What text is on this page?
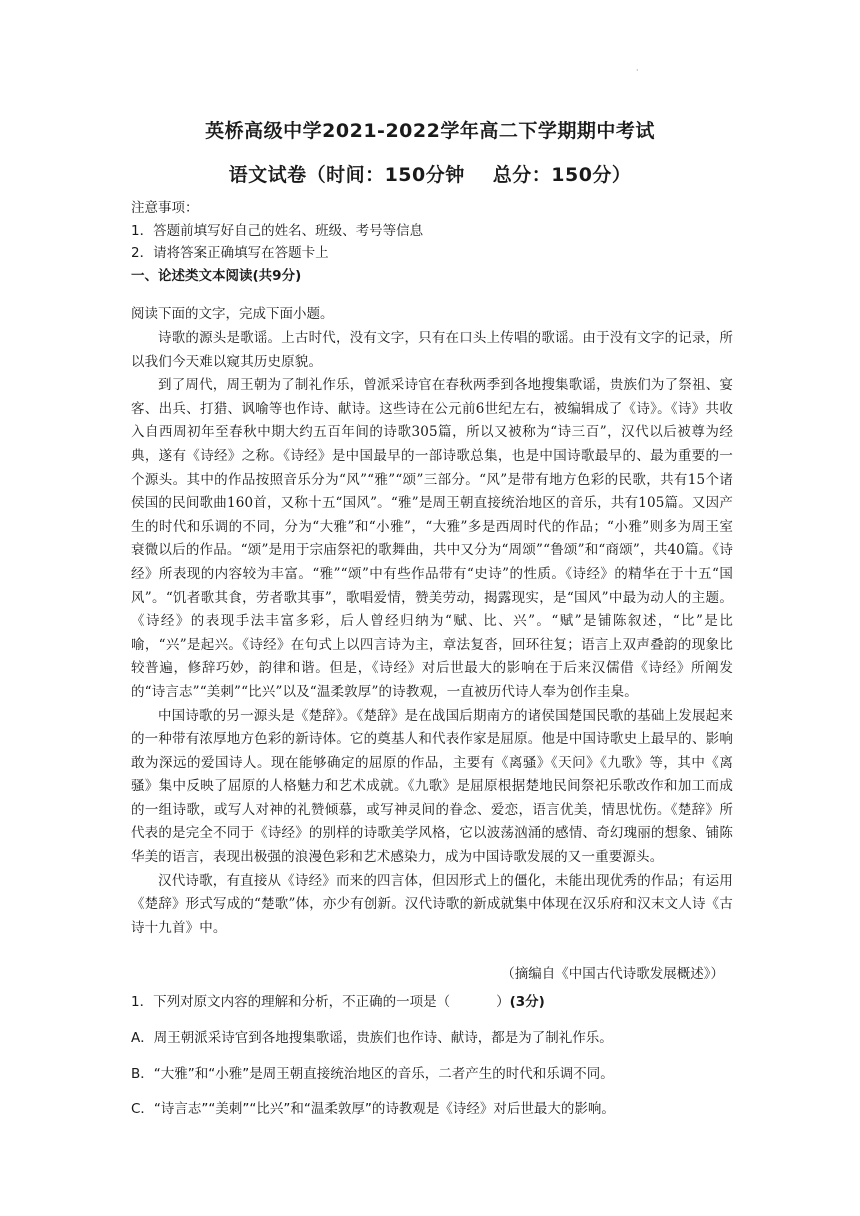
·
英桥高级中学2021-2022学年高二下学期期中考试
语文试卷（时间：150分钟 总分：150分）
注意事项：
1．答题前填写好自己的姓名、班级、考号等信息
2．请将答案正确填写在答题卡上
一、论述类文本阅读(共9分)
阅读下面的文字，完成下面小题。

诗歌的源头是歌谣。上古时代，没有文字，只有在口头上传唱的歌谣。由于没有文字的记录，所以我们今天难以窥其历史原貌。

到了周代，周王朝为了制礼作乐，曾派采诗官在春秋两季到各地搜集歌谣，贵族们为了祭祖、宴客、出兵、打猎、讽喻等也作诗、献诗。这些诗在公元前6世纪左右，被编辑成了《诗》。《诗》共收入自西周初年至春秋中期大约五百年间的诗歌305篇，所以又被称为“诗三百”，汉代以后被尊为经典，遂有《诗经》之称。《诗经》是中国最早的一部诗歌总集，也是中国诗歌最早的、最为重要的一个源头。其中的作品按照音乐分为“风”“雅”“颂”三部分。“风”是带有地方色彩的民歌，共有15个诸侯国的民间歌曲160首，又称十五“国风”。“雅”是周王朝直接统治地区的音乐，共有105篇。又因产生的时代和乐调的不同，分为“大雅”和“小雅”，“大雅”多是西周时代的作品；“小雅”则多为周王室衰微以后的作品。“颂”是用于宗庙祭祀的歌舞曲，共中又分为“周颂”“鲁颂”和“商颂”，共40篇。《诗经》所表现的内容较为丰富。“雅”“颂”中有些作品带有“史诗”的性质。《诗经》的精华在于十五“国风”。“饥者歌其食，劳者歌其事”，歌唱爱情，赞美劳动，揭露现实，是“国风”中最为动人的主题。《诗经》的表现手法丰富多彩，后人曾经归纳为“赋、比、兴”。“赋”是铺陈叙述，“比”是比喻，“兴”是起兴。《诗经》在句式上以四言诗为主，章法复沓，回环往复；语言上双声叠韵的现象比较普遍，修辞巧妙，韵律和谐。但是，《诗经》对后世最大的影响在于后来汉儒借《诗经》所阐发的“诗言志”“美刺”“比兴”以及“温柔敦厚”的诗教观，一直被历代诗人奉为创作圭臬。

中国诗歌的另一源头是《楚辞》。《楚辞》是在战国后期南方的诸侯国楚国民歌的基础上发展起来的一种带有浓厚地方色彩的新诗体。它的奠基人和代表作家是屈原。他是中国诗歌史上最早的、影响敢为深远的爱国诗人。现在能够确定的屈原的作品，主要有《离骚》《天问》《九歌》等，其中《离骚》集中反映了屈原的人格魅力和艺术成就。《九歌》是屈原根据楚地民间祭祀乐歌改作和加工而成的一组诗歌，或写人对神的礼赞倾慕，或写神灵间的眷念、爱恋，语言优美，情思忧伤。《楚辞》所代表的是完全不同于《诗经》的别样的诗歌美学风格，它以波荡汹涌的感情、奇幻瑰丽的想象、铺陈华美的语言，表现出极强的浪漫色彩和艺术感染力，成为中国诗歌发展的又一重要源头。

汉代诗歌，有直接从《诗经》而来的四言体，但因形式上的僵化，未能出现优秀的作品；有运用《楚辞》形式写成的“楚歌”体，亦少有创新。汉代诗歌的新成就集中体现在汉乐府和汉末文人诗《古诗十九首》中。

（摘编自《中国古代诗歌发展概述》）
1．下列对原文内容的理解和分析，不正确的一项是（	）(3分)
A．周王朝派采诗官到各地搜集歌谣，贵族们也作诗、献诗，都是为了制礼作乐。
B．“大雅”和“小雅”是周王朝直接统治地区的音乐，二者产生的时代和乐调不同。
C．“诗言志”“美刺”“比兴”和“温柔敦厚”的诗教观是《诗经》对后世最大的影响。
